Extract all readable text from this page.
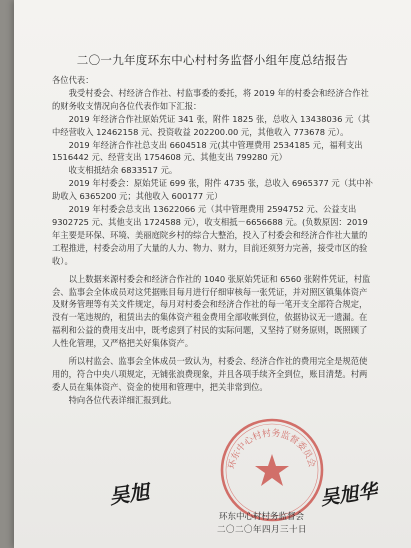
二〇一九年度环东中心村村务监督小组年度总结报告

各位代表：

我受村委会、村经济合作社、村监事委的委托，将 2019 年的村委会和经济合作社的财务收支情况向各位代表作如下汇报：

2019 年经济合作社原始凭证 341 张，附件 1825 张，总收入 13438036 元（其中经营收入 12462158 元、投资收益 202200.00 元，其他收入 773678 元）。

2019 年经济合作社总支出 6604518 元(其中管理费用 2534185 元，福利支出 1516442 元、经营支出 1754608 元、其他支出 799280 元）

收支相抵结余 6833517 元。

2019 年村委会：原始凭证 699 张，附件 4735 张，总收入 6965377 元（其中补助收入 6365200 元；其他收入 600177 元）

2019 年村委会总支出 13622066 元（其中管理费用 2594752 元、公益支出 9302725 元、其他支出 1724588 元），收支相抵－6656688 元。(负数原因：2019 年主要是环保、环境、美丽庭院乡村的综合大整治，投入了村委会和经济合作社大量的工程推进，村委会动用了大量的人力、物力、财力，目前还须努力完善，接受市区的验收）。

以上数据来源村委会和经济合作社的 1040 张原始凭证和 6560 张附件凭证，村监会、监事会全体成员对这凭据账目每月进行仔细审核每一张凭证，并对照区镇集体资产及财务管理等有关文件规定，每月对村委会和经济合作社的每一笔开支全部符合规定，没有一笔违规的，租赁出去的集体资产租金费用全部收帐到位，依据协议无一遗漏。在福利和公益的费用支出中，既考虑到了村民的实际问题，又坚持了财务原则，既照顾了人性化管理，又严格把关好集体资产。

所以村监会、监事会全体成员一致认为，村委会、经济合作社的费用完全是规范使用的，符合中央八项规定，无铺张浪费现象，并且各项手续齐全到位，账目清楚。村两委人员在集体资产、资金的使用和管理中，把关非常到位。

特向各位代表详细汇报到此。

环东中心村村务监督委员会
吴旭	吴旭华
环东中心村村务监督会
二〇二〇年四月三十日
